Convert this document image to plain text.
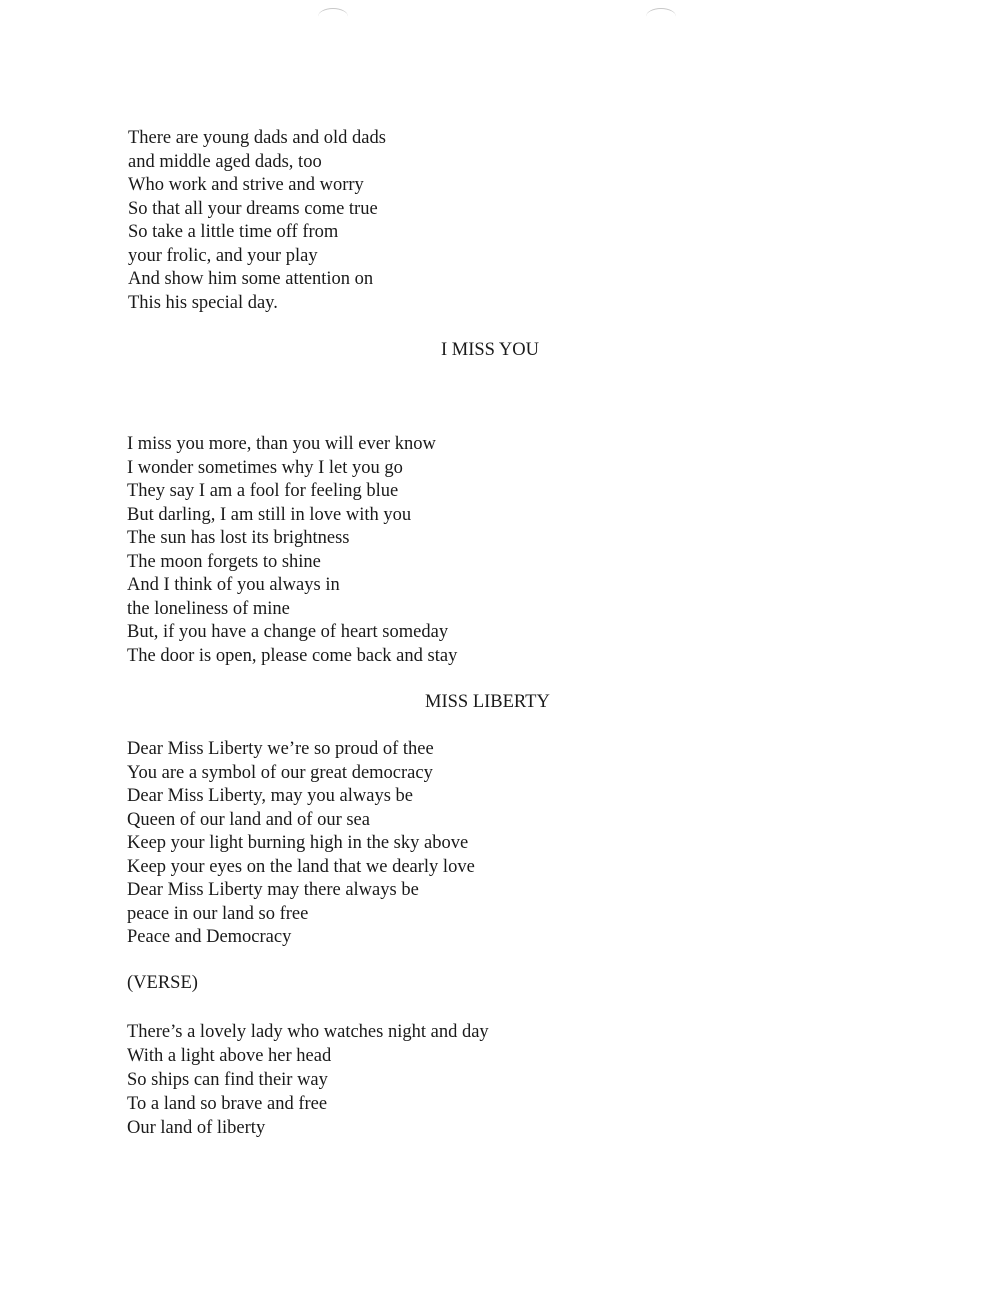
There are young dads and old dads
and middle aged dads, too
Who work and strive and worry
So that all your dreams come true
So take a little time off from
your frolic, and your play
And show him some attention on
This his special day.
I MISS YOU
I miss you more, than you will ever know
I wonder sometimes why I let you go
They say I am a fool for feeling blue
But darling, I am still in love with you
The sun has lost its brightness
The moon forgets to shine
And I think of you always in
the loneliness of mine
But, if you have a change of heart someday
The door is open, please come back and stay
MISS LIBERTY
Dear Miss Liberty we’re so proud of thee
You are a symbol of our great democracy
Dear Miss Liberty, may you always be
Queen of our land and of our sea
Keep your light burning high in the sky above
Keep your eyes on the land that we dearly love
Dear Miss Liberty may there always be
peace in our land so free
Peace and Democracy
(VERSE)
There’s a lovely lady who watches night and day
With a light above her head
So ships can find their way
To a land so brave and free
Our land of liberty
